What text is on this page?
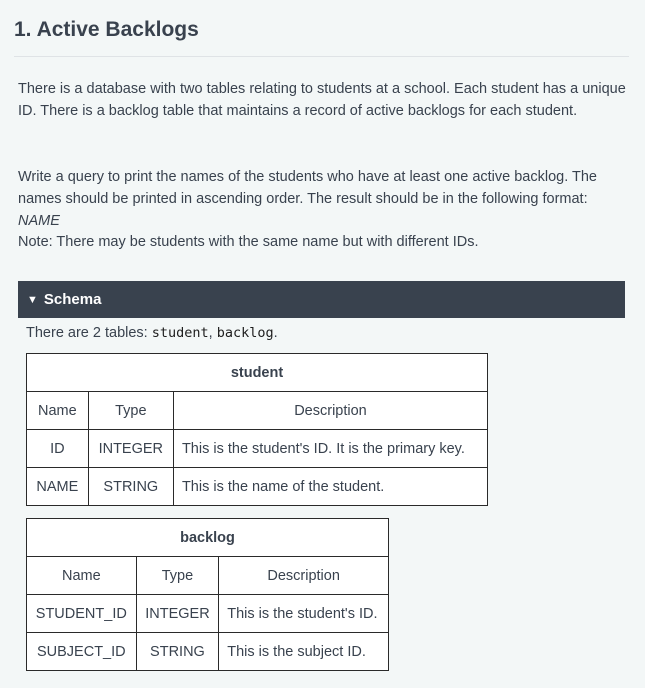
1. Active Backlogs

There is a database with two tables relating to students at a school. Each student has a unique ID. There is a backlog table that maintains a record of active backlogs for each student.

Write a query to print the names of the students who have at least one active backlog. The names should be printed in ascending order. The result should be in the following format: NAME

Note: There may be students with the same name but with different IDs.

▼ Schema
There are 2 tables: student, backlog.
student		
Name	Type	Description
ID	INTEGER	This is the student's ID. It is the primary key.
NAME	STRING	This is the name of the student.
backlog		
Name	Type	Description
STUDENT_ID	INTEGER	This is the student's ID.
SUBJECT_ID	STRING	This is the subject ID.
